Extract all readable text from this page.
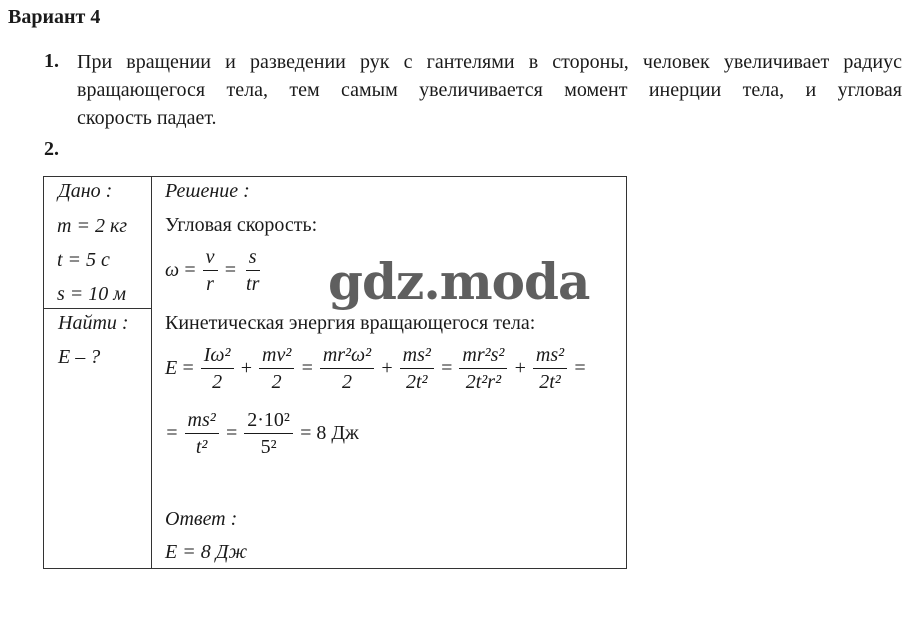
Вариант 4
1. При вращении и разведении рук с гантелями в стороны, человек увеличивает радиус
вращающегося тела, тем самым увеличивается момент инерции тела, и угловая
скорость падает.
2.
Дано :
m = 2 кг
t = 5 с
s = 10 м
Найти :
E – ?
Решение :
Угловая скорость:
$\omega = \frac{v}{r} = \frac{s}{tr}$
Кинетическая энергия вращающегося тела:
$E = \frac{\text{Iω²}}{2} + \frac{\text{mv²}}{2} = \frac{\text{mr²ω²}}{2} + \frac{\text{ms²}}{\text{2t²}} = \frac{\text{mr²s²}}{\text{2t²r²}} + \frac{\text{ms²}}{\text{2t²}}$ =
= $\frac{\text{ms²}}{\text{t²}} = \frac{\text{2·10²}}{\text{5²}} = 8$ Дж
Ответ :
E = 8 Дж
gdz.moda
